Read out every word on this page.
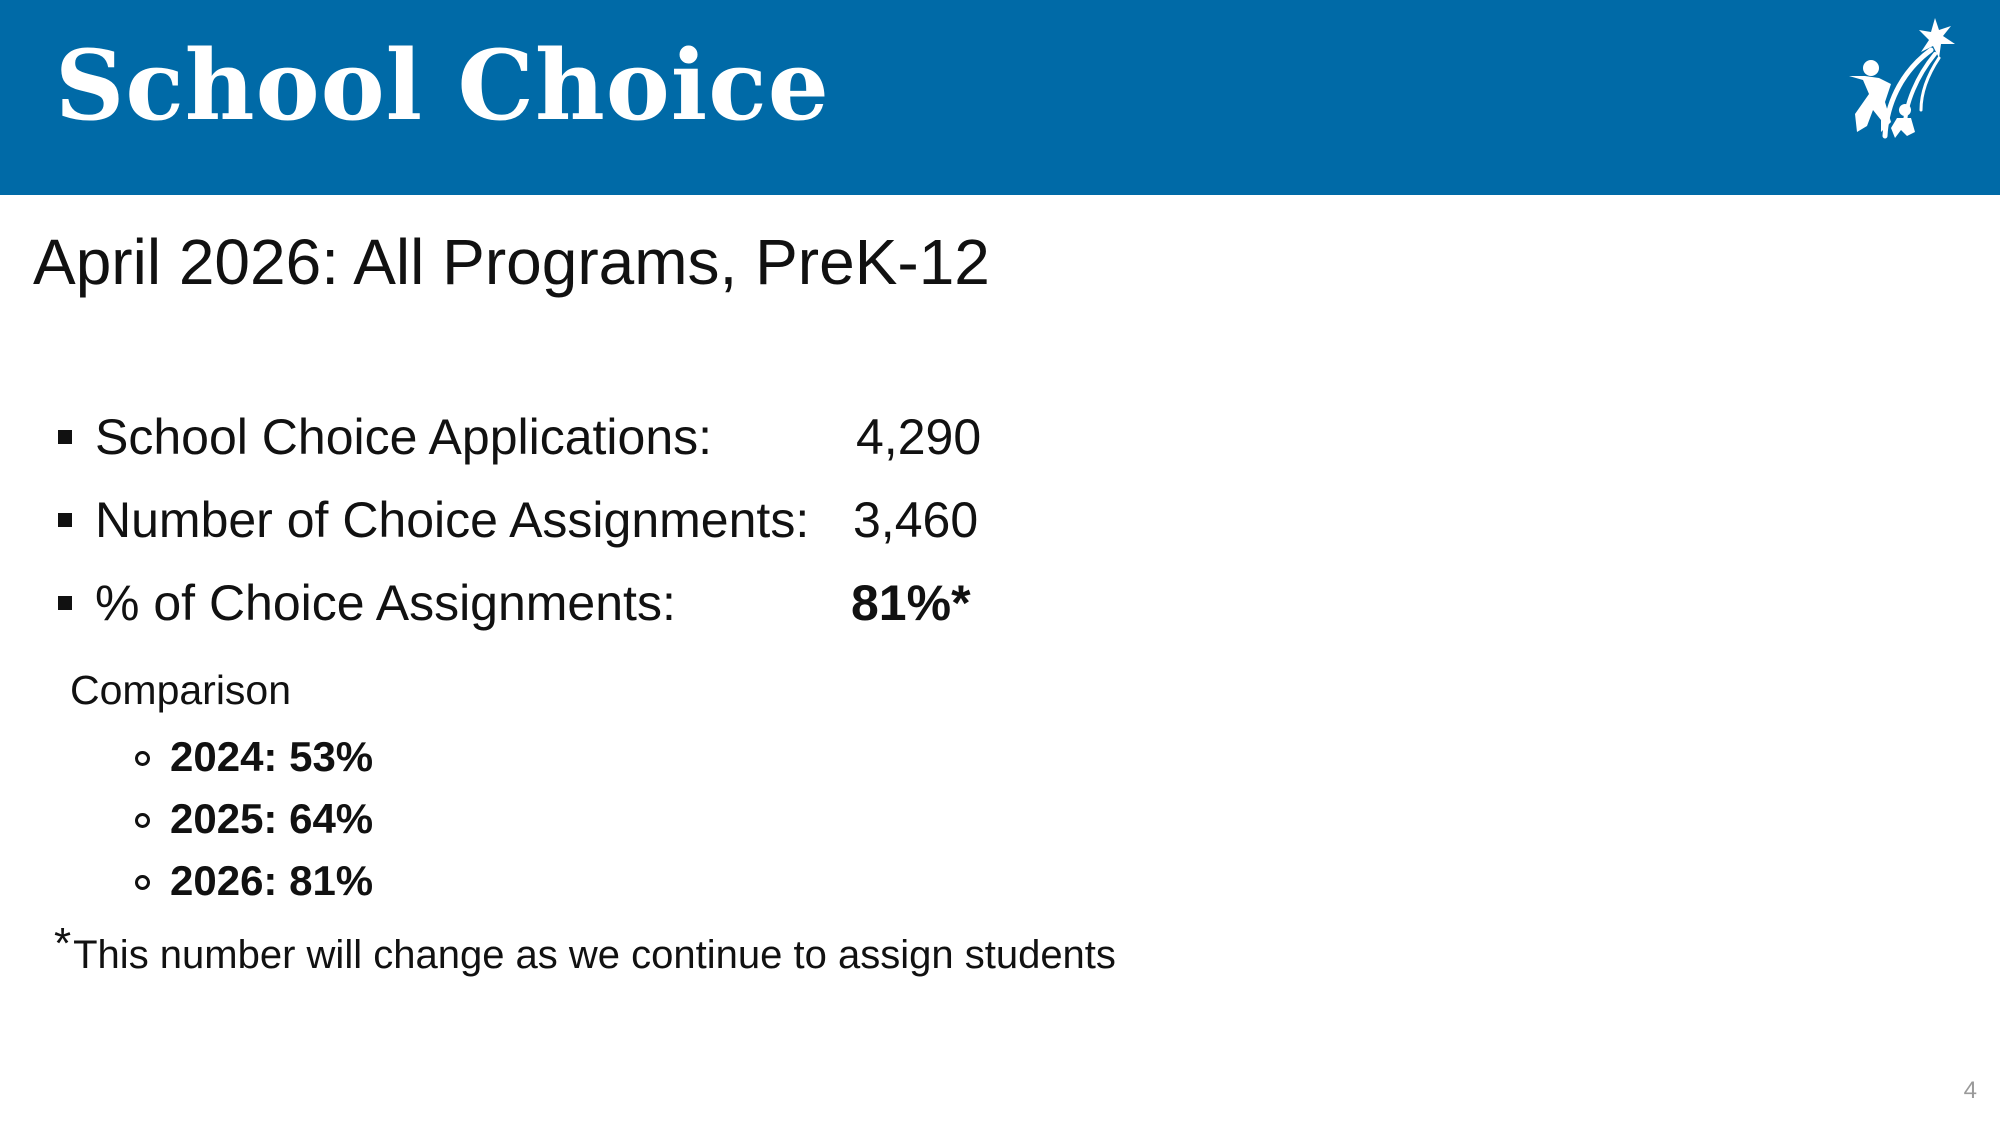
School Choice
April 2026: All Programs, PreK-12
School Choice Applications:	4,290
Number of Choice Assignments: 3,460
% of Choice Assignments:	81%*
Comparison
2024: 53%
2025: 64%
2026: 81%
*This number will change as we continue to assign students
4
